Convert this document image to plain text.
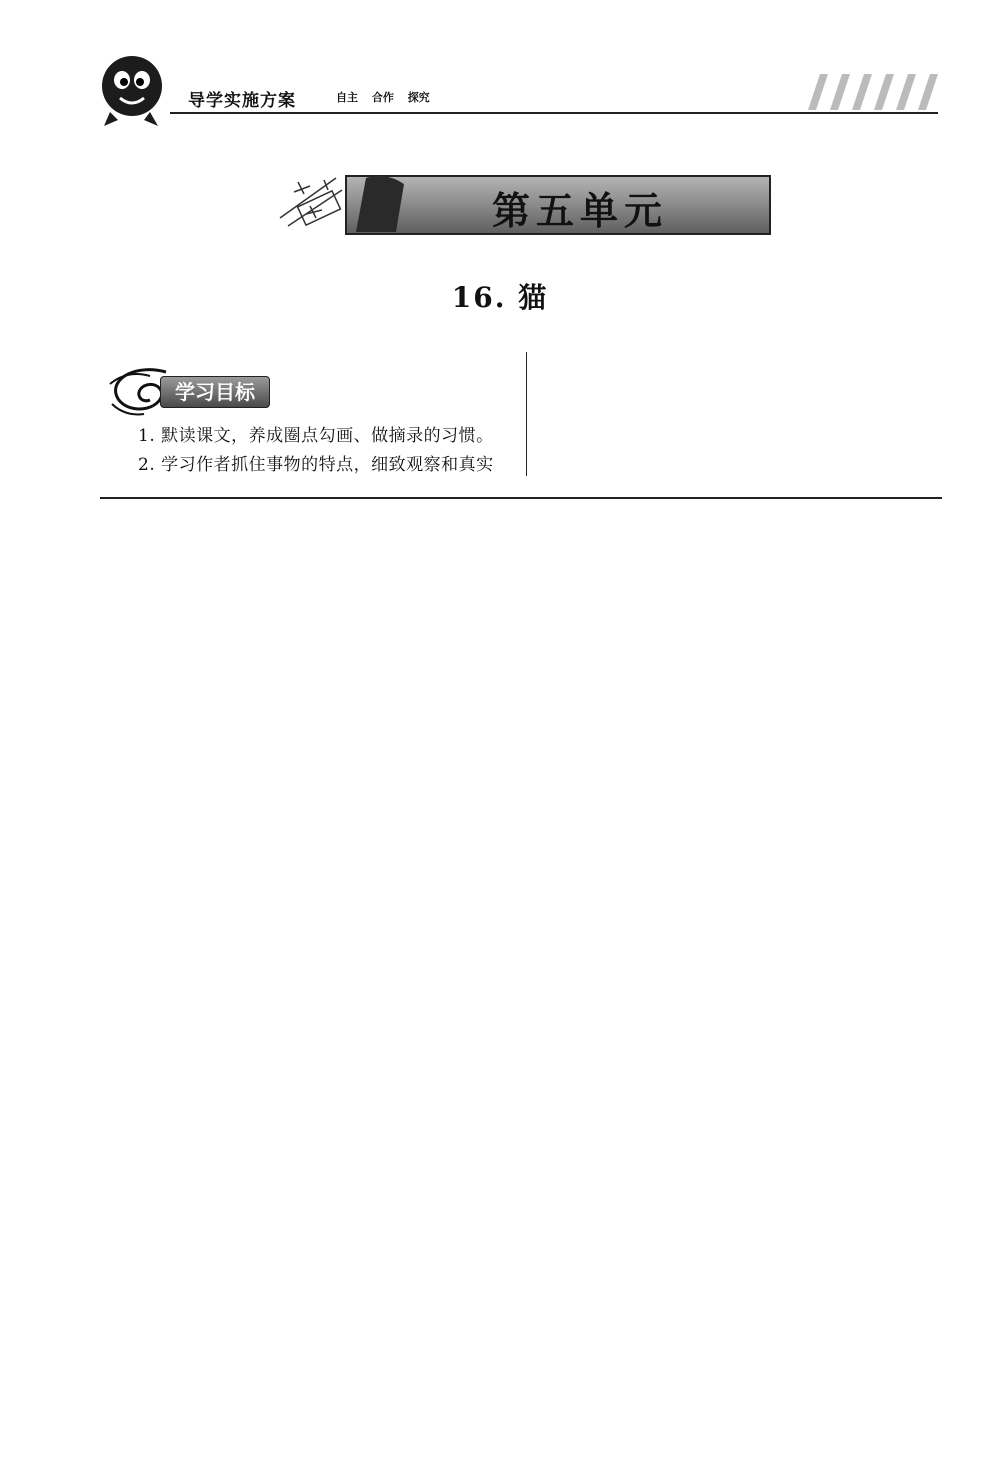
导学实施方案	自主 合作 探究
第五单元
16. 猫
学习目标
1. 默读课文，养成圈点勾画、做摘录的习惯。
2. 学习作者抓住事物的特点，细致观察和真实
